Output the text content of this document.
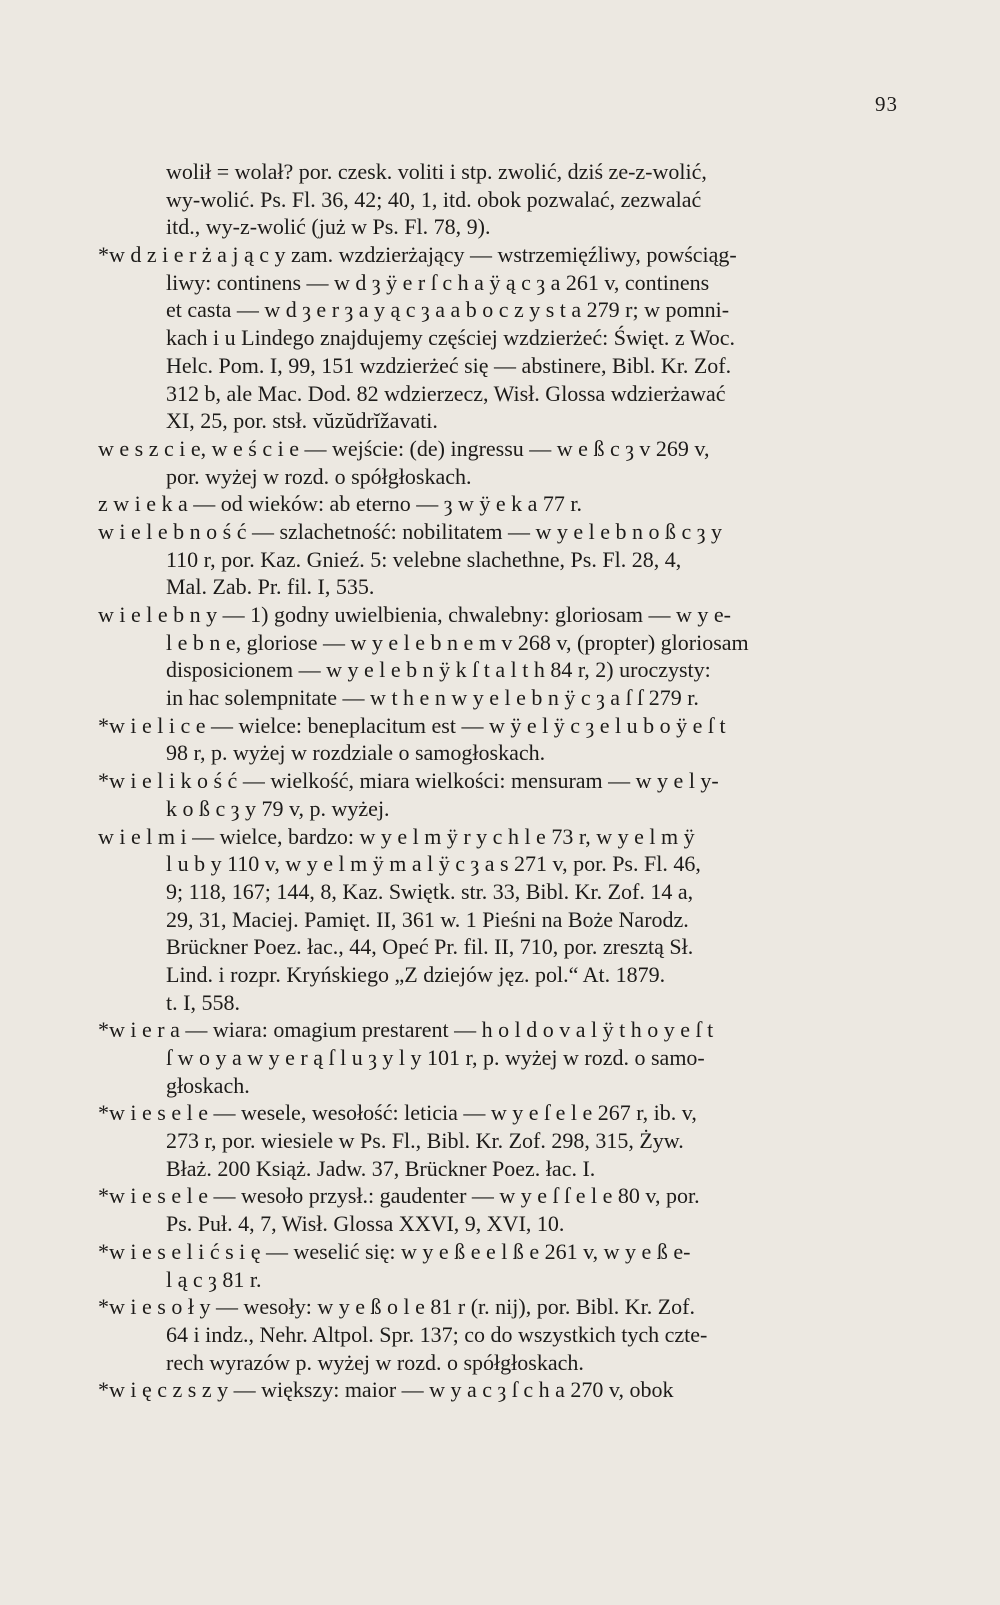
93
wolił = wolał? por. czesk. voliti i stp. zwolić, dziś ze-z-wolić,
wy-wolić. Ps. Fl. 36, 42; 40, 1, itd. obok pozwalać, zezwalać
itd., wy-z-wolić (już w Ps. Fl. 78, 9).
*w d z i e r ż a j ą c y zam. wzdzierżający — wstrzemięźliwy, powściąg-
liwy: continens — w d ȝ ÿ e r ſ c h a ÿ ą c ȝ a 261 v, continens
et casta — w d ȝ e r ȝ a y ą c ȝ a a b o c z y s t a 279 r; w pomni-
kach i u Lindego znajdujemy częściej wzdzierżeć: Święt. z Woc.
Helc. Pom. I, 99, 151 wzdzierżeć się — abstinere, Bibl. Kr. Zof.
312 b, ale Mac. Dod. 82 wdzierzecz, Wisł. Glossa wdzierżawać
XI, 25, por. stsł. vŭzŭdrĭžavati.
w e s z c i e, w e ś c i e — wejście: (de) ingressu — w e ß c ȝ v 269 v,
por. wyżej w rozd. o spółgłoskach.
z w i e k a — od wieków: ab eterno — ȝ w ÿ e k a 77 r.
w i e l e b n o ś ć — szlachetność: nobilitatem — w y e l e b n o ß c ȝ y
110 r, por. Kaz. Gnieź. 5: velebne slachethne, Ps. Fl. 28, 4,
Mal. Zab. Pr. fil. I, 535.
w i e l e b n y — 1) godny uwielbienia, chwalebny: gloriosam — w y e-
l e b n e, gloriose — w y e l e b n e m v 268 v, (propter) gloriosam
disposicionem — w y e l e b n ÿ k ſ t a l t h 84 r, 2) uroczysty:
in hac solempnitate — w t h e n w y e l e b n ÿ c ȝ a ſ ſ 279 r.
*w i e l i c e — wielce: beneplacitum est — w ÿ e l ÿ c ȝ e l u b o ÿ e ſ t
98 r, p. wyżej w rozdziale o samogłoskach.
*w i e l i k o ś ć — wielkość, miara wielkości: mensuram — w y e l y-
k o ß c ȝ y 79 v, p. wyżej.
w i e l m i — wielce, bardzo: w y e l m ÿ r y c h l e 73 r, w y e l m ÿ
l u b y 110 v, w y e l m ÿ m a l ÿ c ȝ a s 271 v, por. Ps. Fl. 46,
9; 118, 167; 144, 8, Kaz. Swiętk. str. 33, Bibl. Kr. Zof. 14 a,
29, 31, Maciej. Pamięt. II, 361 w. 1 Pieśni na Boże Narodz.
Brückner Poez. łac., 44, Opeć Pr. fil. II, 710, por. zresztą Sł.
Lind. i rozpr. Kryńskiego „Z dziejów jęz. pol.“ At. 1879.
t. I, 558.
*w i e r a — wiara: omagium prestarent — h o l d o v a l ÿ t h o y e ſ t
ſ w o y a w y e r ą ſ l u ȝ y l y 101 r, p. wyżej w rozd. o samo-
głoskach.
*w i e s e l e — wesele, wesołość: leticia — w y e ſ e l e 267 r, ib. v,
273 r, por. wiesiele w Ps. Fl., Bibl. Kr. Zof. 298, 315, Żyw.
Błaż. 200 Książ. Jadw. 37, Brückner Poez. łac. I.
*w i e s e l e — wesoło przysł.: gaudenter — w y e ſ ſ e l e 80 v, por.
Ps. Puł. 4, 7, Wisł. Glossa XXVI, 9, XVI, 10.
*w i e s e l i ć s i ę — weselić się: w y e ß e e l ß e 261 v, w y e ß e-
l ą c ȝ 81 r.
*w i e s o ł y — wesoły: w y e ß o l e 81 r (r. nij), por. Bibl. Kr. Zof.
64 i indz., Nehr. Altpol. Spr. 137; co do wszystkich tych czte-
rech wyrazów p. wyżej w rozd. o spółgłoskach.
*w i ę c z s z y — większy: maior — w y a c ȝ ſ c h a 270 v, obok
